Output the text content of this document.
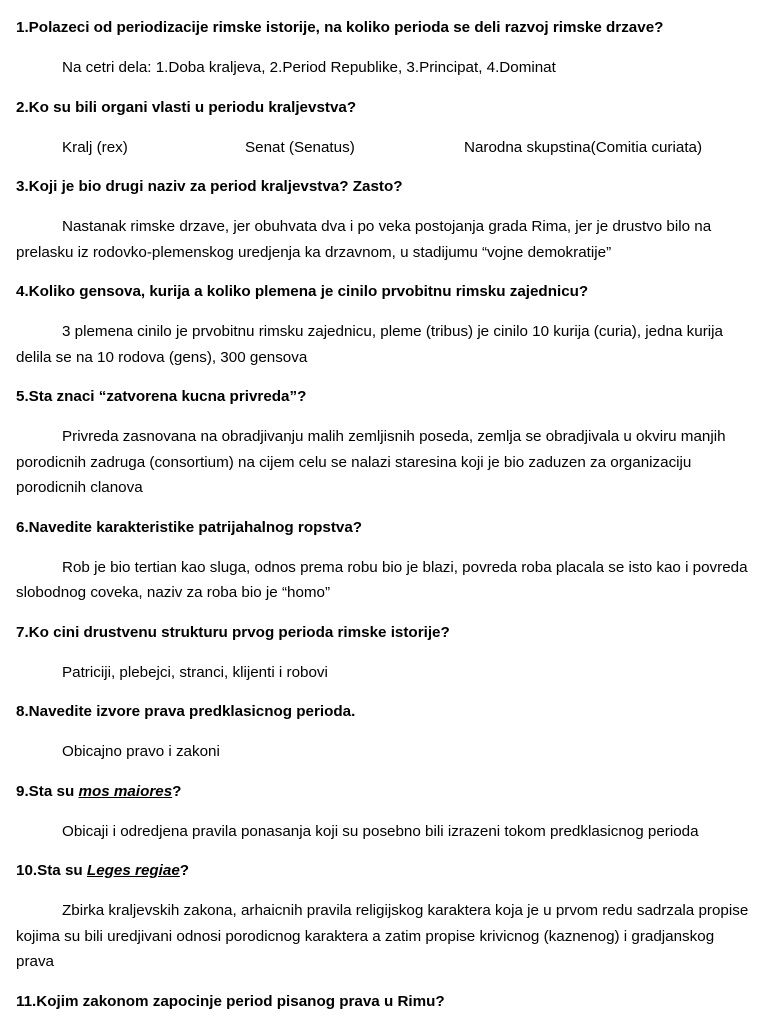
1.Polazeci od periodizacije rimske istorije, na koliko perioda se deli razvoj rimske drzave?

Na cetri dela: 1.Doba kraljeva, 2.Period Republike, 3.Principat, 4.Dominat

2.Ko su bili organi vlasti u periodu kraljevstva?

Kralj (rex)	Senat (Senatus)	Narodna skupstina(Comitia curiata)

3.Koji je bio drugi naziv za period kraljevstva? Zasto?

Nastanak rimske drzave, jer obuhvata dva i po veka postojanja grada Rima, jer je drustvo bilo na prelasku iz rodovko-plemenskog uredjenja ka drzavnom, u stadijumu “vojne demokratije”

4.Koliko gensova, kurija a koliko plemena je cinilo prvobitnu rimsku zajednicu?

3 plemena cinilo je prvobitnu rimsku zajednicu, pleme (tribus) je cinilo 10 kurija (curia), jedna kurija delila se na 10 rodova (gens), 300 gensova

5.Sta znaci “zatvorena kucna privreda”?

Privreda zasnovana na obradjivanju malih zemljisnih poseda, zemlja se obradjivala u okviru manjih porodicnih zadruga (consortium) na cijem celu se nalazi staresina koji je bio zaduzen za organizaciju porodicnih clanova

6.Navedite karakteristike patrijahalnog ropstva?

Rob je bio tertian kao sluga, odnos prema robu bio je blazi, povreda roba placala se isto kao i povreda slobodnog coveka, naziv za roba bio je “homo”

7.Ko cini drustvenu strukturu prvog perioda rimske istorije?

Patriciji, plebejci, stranci, klijenti i robovi

8.Navedite izvore prava predklasicnog perioda.

Obicajno pravo i zakoni

9.Sta su mos maiores?

Obicaji i odredjena pravila ponasanja koji su posebno bili izrazeni tokom predklasicnog perioda

10.Sta su Leges regiae?

Zbirka kraljevskih zakona, arhaicnih pravila religijskog karaktera koja je u prvom redu sadrzala propise kojima su bili uredjivani odnosi porodicnog karaktera a zatim propise krivicnog (kaznenog) i gradjanskog prava

11.Kojim zakonom zapocinje period pisanog prava u Rimu?
